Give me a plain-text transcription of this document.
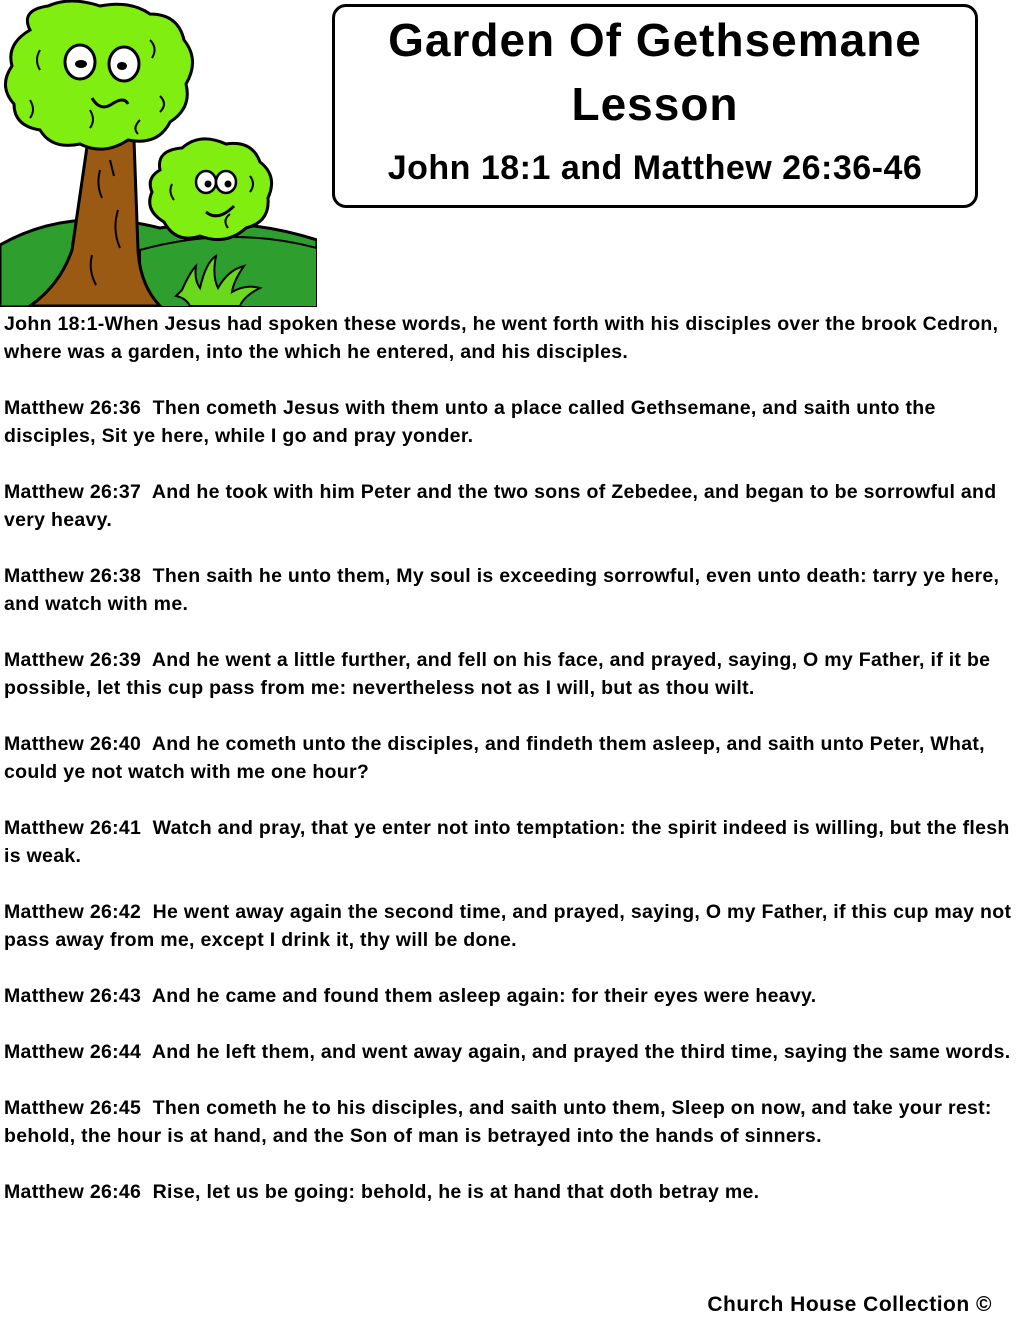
Garden Of Gethsemane
Lesson
John 18:1 and Matthew 26:36-46

John 18:1-When Jesus had spoken these words, he went forth with his disciples over the brook Cedron, where was a garden, into the which he entered, and his disciples.

Matthew 26:36  Then cometh Jesus with them unto a place called Gethsemane, and saith unto the disciples, Sit ye here, while I go and pray yonder.

Matthew 26:37  And he took with him Peter and the two sons of Zebedee, and began to be sorrowful and very heavy.

Matthew 26:38  Then saith he unto them, My soul is exceeding sorrowful, even unto death: tarry ye here, and watch with me.

Matthew 26:39  And he went a little further, and fell on his face, and prayed, saying, O my Father, if it be possible, let this cup pass from me: nevertheless not as I will, but as thou wilt.

Matthew 26:40  And he cometh unto the disciples, and findeth them asleep, and saith unto Peter, What, could ye not watch with me one hour?

Matthew 26:41  Watch and pray, that ye enter not into temptation: the spirit indeed is willing, but the flesh is weak.

Matthew 26:42  He went away again the second time, and prayed, saying, O my Father, if this cup may not pass away from me, except I drink it, thy will be done.

Matthew 26:43  And he came and found them asleep again: for their eyes were heavy.

Matthew 26:44  And he left them, and went away again, and prayed the third time, saying the same words.

Matthew 26:45  Then cometh he to his disciples, and saith unto them, Sleep on now, and take your rest: behold, the hour is at hand, and the Son of man is betrayed into the hands of sinners.

Matthew 26:46  Rise, let us be going: behold, he is at hand that doth betray me.

Church House Collection ©
